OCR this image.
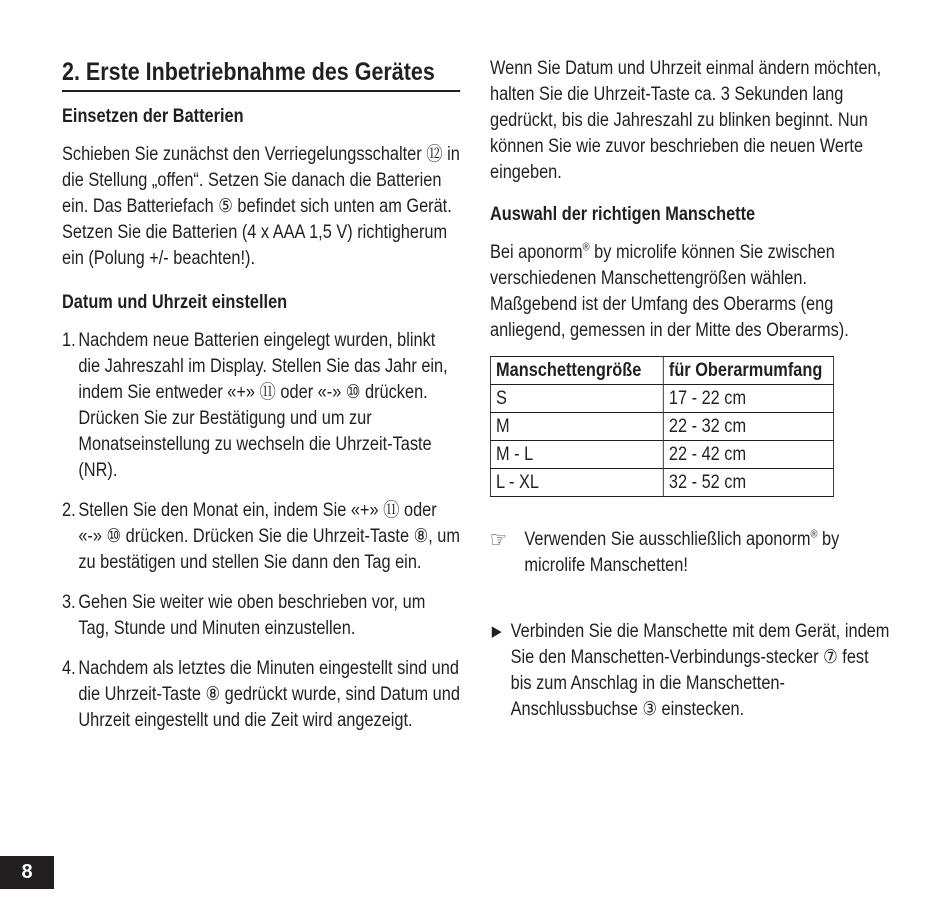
2. Erste Inbetriebnahme des Gerätes
Einsetzen der Batterien

Schieben Sie zunächst den Verriegelungsschalter ⑫ in die Stellung „offen“. Setzen Sie danach die Batterien ein. Das Batteriefach ⑤ befindet sich unten am Gerät. Setzen Sie die Batterien (4 x AAA 1,5 V) richtigherum ein (Polung +/- beachten!).

Datum und Uhrzeit einstellen
1. Nachdem neue Batterien eingelegt wurden, blinkt die Jahreszahl im Display. Stellen Sie das Jahr ein, indem Sie entweder «+» ⑪ oder «-» ⑩ drücken. Drücken Sie zur Bestätigung und um zur Monatseinstellung zu wechseln die Uhrzeit-Taste (NR).
2. Stellen Sie den Monat ein, indem Sie «+» ⑪ oder «-» ⑩ drücken. Drücken Sie die Uhrzeit-Taste ⑧, um zu bestätigen und stellen Sie dann den Tag ein.
3. Gehen Sie weiter wie oben beschrieben vor, um Tag, Stunde und Minuten einzustellen.
4. Nachdem als letztes die Minuten eingestellt sind und die Uhrzeit-Taste ⑧ gedrückt wurde, sind Datum und Uhrzeit eingestellt und die Zeit wird angezeigt.

Wenn Sie Datum und Uhrzeit einmal ändern möchten, halten Sie die Uhrzeit-Taste ca. 3 Sekunden lang gedrückt, bis die Jahreszahl zu blinken beginnt. Nun können Sie wie zuvor beschrieben die neuen Werte eingeben.

Auswahl der richtigen Manschette

Bei aponorm® by microlife können Sie zwischen verschiedenen Manschettengrößen wählen. Maßgebend ist der Umfang des Oberarms (eng anliegend, gemessen in der Mitte des Oberarms).

Manschettengröße	für Oberarmumfang
S	17 - 22 cm
M	22 - 32 cm
M - L	22 - 42 cm
L - XL	32 - 52 cm
☞ Verwenden Sie ausschließlich aponorm® by microlife Manschetten!
▶ Verbinden Sie die Manschette mit dem Gerät, indem Sie den Manschetten-Verbindungs-stecker ⑦ fest bis zum Anschlag in die Manschetten-Anschlussbuchse ③ einstecken.
8
